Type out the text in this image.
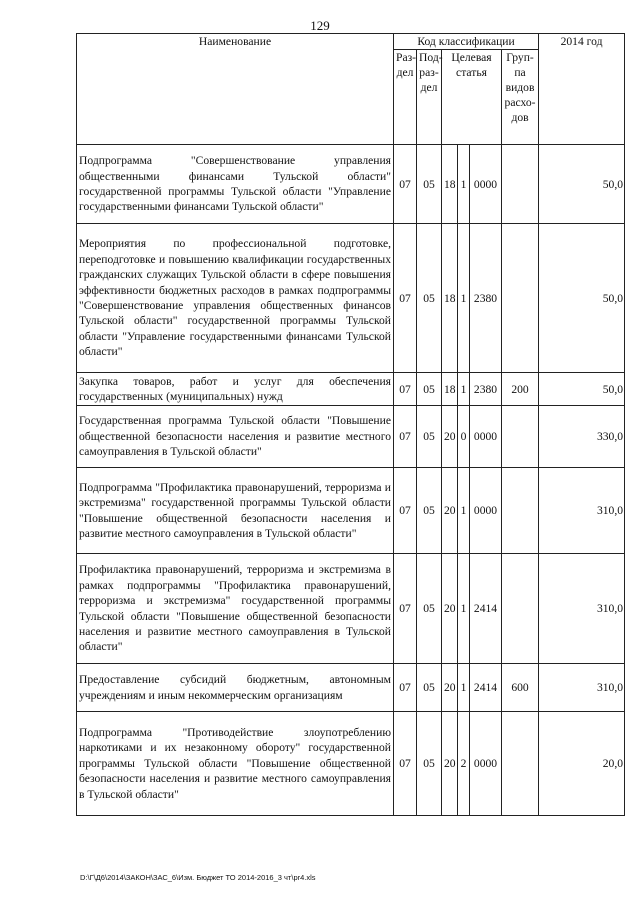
129
Наименование	Код классификации						2014 год
	Раз-дел	Под-раз-дел	Целевая статья			Груп-па видов расхо-дов	
Подпрограмма "Совершенствование управления общественными финансами Тульской области" государственной программы Тульской области "Управление государственными финансами Тульской области"	07	05	18	1	0000		50,0
Мероприятия по профессиональной подготовке, переподготовке и повышению квалификации государственных гражданских служащих Тульской области в сфере повышения эффективности бюджетных расходов в рамках подпрограммы "Совершенствование управления общественных финансов Тульской области" государственной программы Тульской области "Управление государственными финансами Тульской области"	07	05	18	1	2380		50,0
Закупка товаров, работ и услуг для обеспечения государственных (муниципальных) нужд	07	05	18	1	2380	200	50,0
Государственная программа Тульской области "Повышение общественной безопасности населения и развитие местного самоуправления в Тульской области"	07	05	20	0	0000		330,0
Подпрограмма "Профилактика правонарушений, терроризма и экстремизма" государственной программы Тульской области "Повышение общественной безопасности населения и развитие местного самоуправления в Тульской области"	07	05	20	1	0000		310,0
Профилактика правонарушений, терроризма и экстремизма в рамках подпрограммы "Профилактика правонарушений, терроризма и экстремизма" государственной программы Тульской области "Повышение общественной безопасности населения и развитие местного самоуправления в Тульской области"	07	05	20	1	2414		310,0
Предоставление субсидий бюджетным, автономным учреждениям и иным некоммерческим организациям	07	05	20	1	2414	600	310,0
Подпрограмма "Противодействие злоупотреблению наркотиками и их незаконному обороту" государственной программы Тульской области "Повышение общественной безопасности населения и развитие местного самоуправления в Тульской области"	07	05	20	2	0000		20,0
D:\Г\Д6\2014\ЗАКОН\ЗАС_6\Изм. Бюджет ТО 2014-2016_3 чт\pr4.xls
